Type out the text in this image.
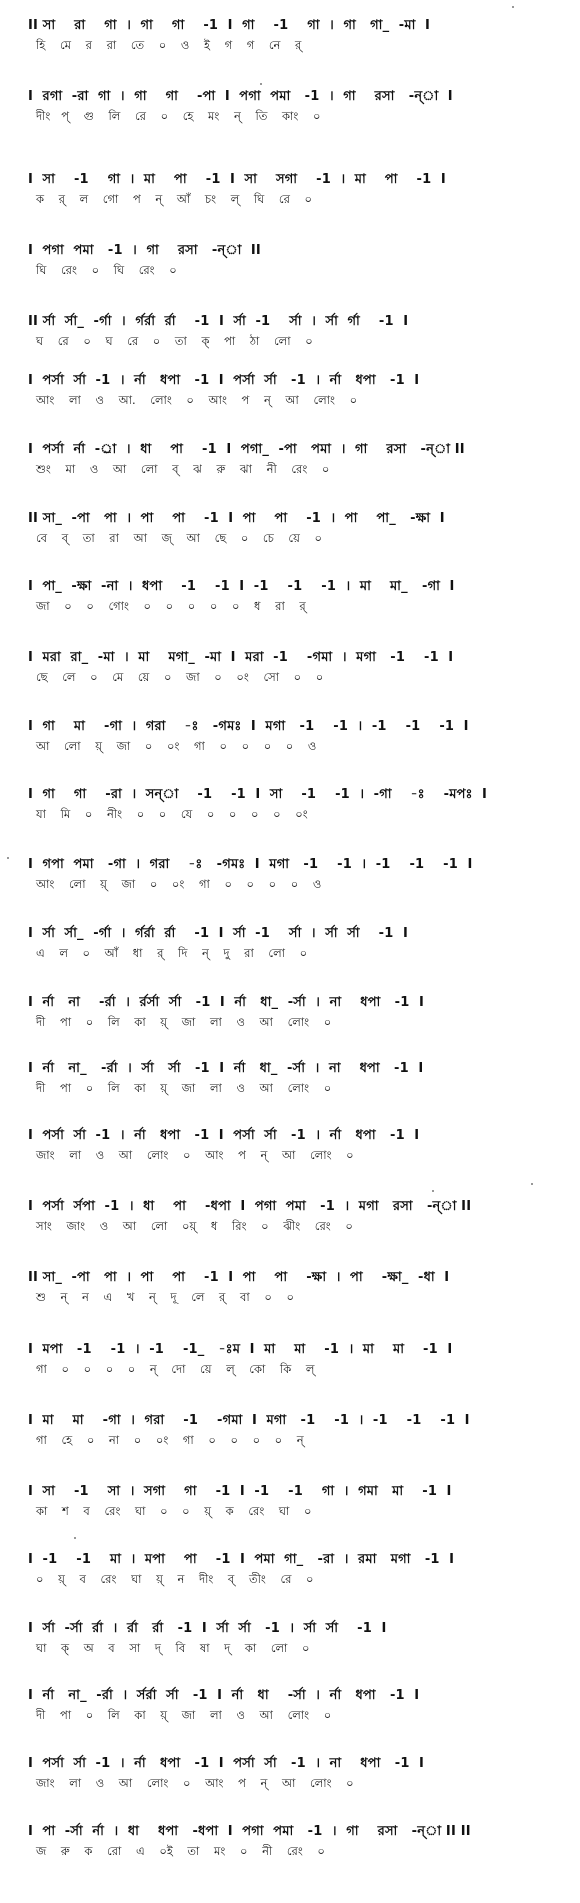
II সা    রা    গা  ।  গা    গা    -1  I  গা    -1    গা  ।  গা   গা_  -মা  I
হি    মে    র    রা    তে    ০    ও    ই    গ    গ    নে    র্
I  রগা  -রা  গা  ।  গা    গা    -পা  I  পগা  পমা   -1  ।  গা    রসা   -ন্‌া  I
দীং   প্    গু    লি    রে    ০    হে    মং    ন্    তি    কাং    ০
I  সা    -1    গা  ।  মা    পা    -1  I  সা    সগা    -1  ।  মা    পা    -1  I
ক    র্    ল    গো    প    ন্    আঁ    চং    ল্    ঘি    রে    ০
I  পগা  পমা   -1  ।  গা    রসা   -ন্‌া  II
ঘি    রেং    ০    ঘি    রেং    ০
II র্সা  র্সা_  -র্গা  ।  র্গর্রা  র্রা    -1  I  র্সা  -1    র্সা  ।  র্সা  র্গা    -1  I
ঘ    রে    ০    ঘ    রে    ০    তা    ক্    পা    ঠা    লো    ০
I  পর্সা  র্সা  -1  ।  র্না   ধপা   -1  I  পর্সা  র্সা   -1  ।  র্না   ধপা   -1  I
আং    লা    ও    আ.    লোং    ০    আং    প    ন্    আ    লোং    ০
I  পর্সা  র্না  -র্া  ।  ধা    পা    -1  I  পগা_  -পা   পমা  ।  গা    রসা   -ন্‌া II
শুং    মা    ও    আ    লো    ব্    ঝ    রু    ঝা    নী    রেং    ০
II সা_  -পা   পা  ।  পা    পা    -1  I  পা    পা    -1  ।  পা    পা_   -ক্ষা  I
বে    ব্    তা    রা    আ    জ্    আ    ছে    ০    চে    য়ে    ০
I  পা_  -ক্ষা  -না  ।  ধপা    -1    -1  I  -1    -1    -1  ।  মা    মা_   -গা  I
জা    ০    ০    গোং    ০    ০    ০    ০    ০    ধ    রা    র্
I  মরা  রা_  -মা  ।  মা    মগা_  -মা  I  মরা  -1    -গমা  ।  মগা   -1    -1  I
ছে    লে    ০    মে    য়ে    ০    জা    ০    ০ং    সো    ০    ০
I  গা    মা    -গা  ।  গরা    -ঃ   -গমঃ  I  মগা   -1    -1  ।  -1    -1    -1  I
আ    লো    য়্    জা    ০    ০ং    গা    ০    ০    ০    ০    ও
I  গা    গা    -রা  ।  সন্‌া    -1    -1  I  সা    -1    -1  ।  -গা    -ঃ    -মপঃ  I
যা    মি    ০    নীং    ০    ০    যে    ০    ০    ০    ০    ০ং
I  গপা  পমা   -গা  ।  গরা    -ঃ   -গমঃ  I  মগা   -1    -1  ।  -1    -1    -1  I
আং    লো    য়্    জা    ০    ০ং    গা    ০    ০    ০    ০    ও
I  র্সা  র্সা_  -র্গা  ।  র্গর্রা  র্রা    -1  I  র্সা  -1    র্সা  ।  র্সা  র্সা    -1  I
এ    ল    ০    আঁ    ধা    র্    দি    ন্    দু    রা    লো    ০
I  র্না   না    -র্রা  ।  র্রর্সা  র্সা   -1  I  র্না   ধা_  -র্সা  ।  না    ধপা   -1  I
দী    পা    ০    লি    কা    য়্    জা    লা    ও    আ    লোং    ০
I  র্না   না_   -র্রা  ।  র্সা   র্সা   -1  I  র্না   ধা_  -র্সা  ।  না    ধপা   -1  I
দী    পা    ০    লি    কা    য়্    জা    লা    ও    আ    লোং    ০
I  পর্সা  র্সা  -1  ।  র্না   ধপা   -1  I  পর্সা  র্সা   -1  ।  র্না   ধপা   -1  I
জাং    লা    ও    আ    লোং    ০    আং    প    ন্    আ    লোং    ০
I  পর্সা  র্সপা  -1  ।  ধা    পা    -ধপা  I  পগা  পমা   -1  ।  মগা   রসা   -ন্‌া II
সাং    জাং    ও    আ    লো    ০য়্    ধ    রিং    ০    ঝীং    রেং    ০
II সা_  -পা   পা  ।  পা    পা    -1  I  পা    পা    -ক্ষা  ।  পা    -ক্ষা_  -ধা  I
শু    ন্    ন    এ    খ    ন্    দূ    লে    র্    বা    ০    ০
I  মপা   -1    -1  ।  -1    -1_   -ঃম  I  মা    মা    -1  ।  মা    মা    -1  I
গা    ০    ০    ০    ০    ন্    দো    য়ে    ল্    কো    কি    ল্
I  মা    মা    -গা  ।  গরা    -1    -গমা  I  মগা   -1    -1  ।  -1    -1    -1  I
গা    হে    ০    না    ০    ০ং    গা    ০    ০    ০    ০    ন্
I  সা    -1    সা  ।  সগা    গা    -1  I  -1    -1    গা  ।  গমা   মা    -1  I
কা    শ    ব    রেং    ঘা    ০    ০    য়্    ক    রেং    ঘা    ০
I  -1    -1    মা  ।  মপা    পা    -1  I  পমা  গা_   -রা  ।  রমা   মগা   -1  I
০    য়্    ব    রেং    ঘা    য়্    ন    দীং    ব্    তীং    রে    ০
I  র্সা  -র্সা  র্রা  ।  র্রা   র্রা   -1  I  র্সা  র্সা   -1  ।  র্সা  র্সা    -1  I
ঘা    ক্    অ    ব    সা    দ্    বি    ষা    দ্    কা    লো    ০
I  র্না   না_  -র্রা  ।  র্সর্রা  র্সা   -1  I  র্না   ধা    -র্সা  ।  র্না   ধপা   -1  I
দী    পা    ০    লি    কা    য়্    জা    লা    ও    আ    লোং    ০
I  পর্সা  র্সা  -1  ।  র্না   ধপা   -1  I  পর্সা  র্সা   -1  ।  না    ধপা   -1  I
জাং    লা    ও    আ    লোং    ০    আং    প    ন্    আ    লোং    ০
I  পা  -র্সা  র্না  ।  ধা    ধপা   -ধপা  I  পগা  পমা   -1  ।  গা    রসা   -ন্‌া II II
জ    রু    ক    রো    এ    ০ই    তা    মং    ০    নী    রেং    ০
